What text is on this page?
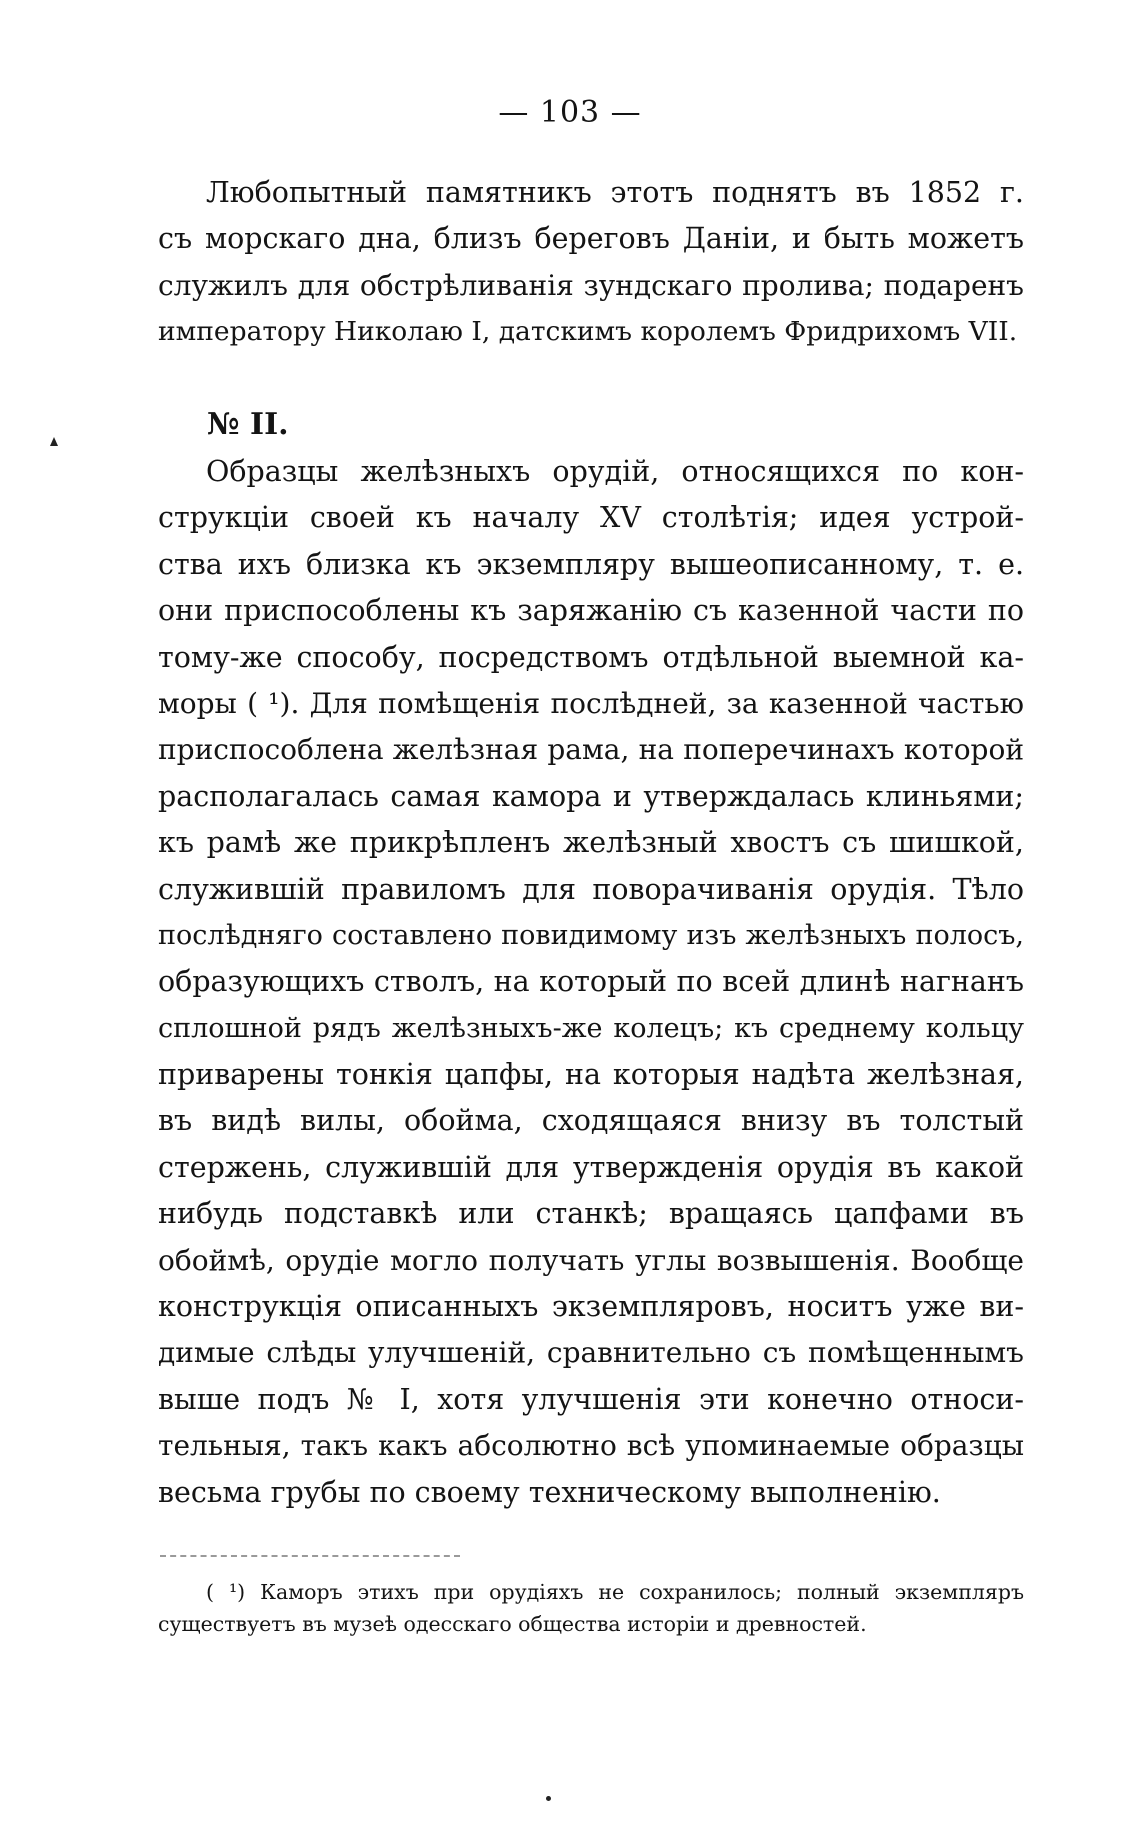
— 103 —
Любопытный памятникъ этотъ поднятъ въ 1852 г.
съ морскаго дна, близъ береговъ Даніи, и быть можетъ
служилъ для обстрѣливанія зундскаго пролива; подаренъ
императору Николаю I, датскимъ королемъ Фридрихомъ VII.
№ II.
Образцы желѣзныхъ орудій, относящихся по кон-
струкціи своей къ началу XV столѣтія; идея устрой-
ства ихъ близка къ экземпляру вышеописанному, т. е.
они приспособлены къ заряжанію съ казенной части по
тому-же способу, посредствомъ отдѣльной выемной ка-
моры ( ¹). Для помѣщенія послѣдней, за казенной частью
приспособлена желѣзная рама, на поперечинахъ которой
располагалась самая камора и утверждалась клиньями;
къ рамѣ же прикрѣпленъ желѣзный хвостъ съ шишкой,
служившій правиломъ для поворачиванія орудія. Тѣло
послѣдняго составлено повидимому изъ желѣзныхъ полосъ,
образующихъ стволъ, на который по всей длинѣ нагнанъ
сплошной рядъ желѣзныхъ-же колецъ; къ среднему кольцу
приварены тонкія цапфы, на которыя надѣта желѣзная,
въ видѣ вилы, обойма, сходящаяся внизу въ толстый
стержень, служившій для утвержденія орудія въ какой
нибудь подставкѣ или станкѣ; вращаясь цапфами въ
обоймѣ, орудіе могло получать углы возвышенія. Вообще
конструкція описанныхъ экземпляровъ, носитъ уже ви-
димые слѣды улучшеній, сравнительно съ помѣщеннымъ
выше подъ № I, хотя улучшенія эти конечно относи-
тельныя, такъ какъ абсолютно всѣ упоминаемые образцы
весьма грубы по своему техническому выполненію.
( ¹) Каморъ этихъ при орудіяхъ не сохранилось; полный экземпляръ
существуетъ въ музеѣ одесскаго общества исторіи и древностей.
